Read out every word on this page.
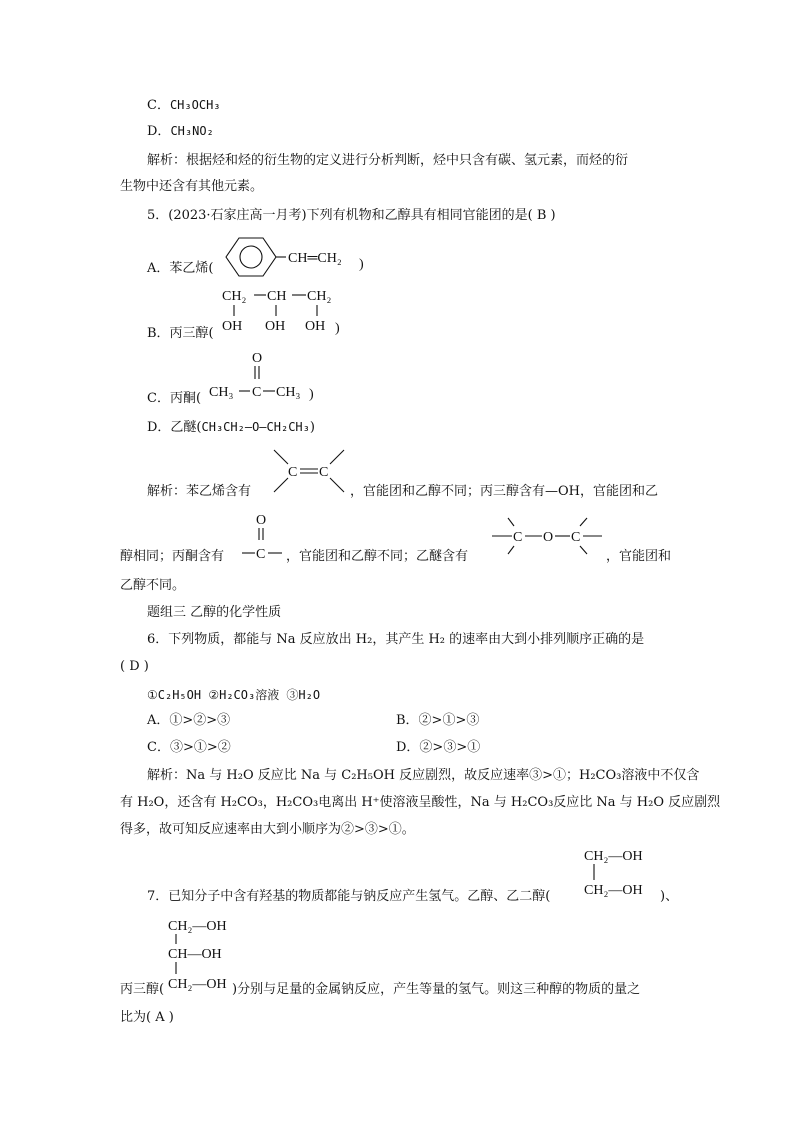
C．CH₃OCH₃
D．CH₃NO₂
解析：根据烃和烃的衍生物的定义进行分析判断，烃中只含有碳、氢元素，而烃的衍
生物中还含有其他元素。
5．(2023·石家庄高一月考)下列有机物和乙醇具有相同官能团的是( B )
A．苯乙烯(
CH═CH₂ )
B．丙三醇(
CH₂ CH CH₂
OH OH OH )
C．丙酮(
O
CH₃ C CH₃ )
D．乙醚(CH₃CH₂—O—CH₂CH₃)
解析：苯乙烯含有
C C
，官能团和乙醇不同；丙三醇含有—OH，官能团和乙
醇相同；丙酮含有
O
C ，官能团和乙醇不同；乙醚含有
C O C
，官能团和
乙醇不同。
题组三 乙醇的化学性质
6．下列物质，都能与 Na 反应放出 H₂，其产生 H₂ 的速率由大到小排列顺序正确的是
( D )
①C₂H₅OH ②H₂CO₃溶液 ③H₂O
A．①>②>③	B．②>①>③
C．③>①>②	D．②>③>①
解析：Na 与 H₂O 反应比 Na 与 C₂H₅OH 反应剧烈，故反应速率③>①；H₂CO₃溶液中不仅含
有 H₂O，还含有 H₂CO₃，H₂CO₃电离出 H⁺使溶液呈酸性，Na 与 H₂CO₃反应比 Na 与 H₂O 反应剧烈
得多，故可知反应速率由大到小顺序为②>③>①。
7．已知分子中含有羟基的物质都能与钠反应产生氢气。乙醇、乙二醇(
CH₂—OH
CH₂—OH )、
CH₂—OH
CH—OH
CH₂—OH
丙三醇(	)分别与足量的金属钠反应，产生等量的氢气。则这三种醇的物质的量之
比为( A )
